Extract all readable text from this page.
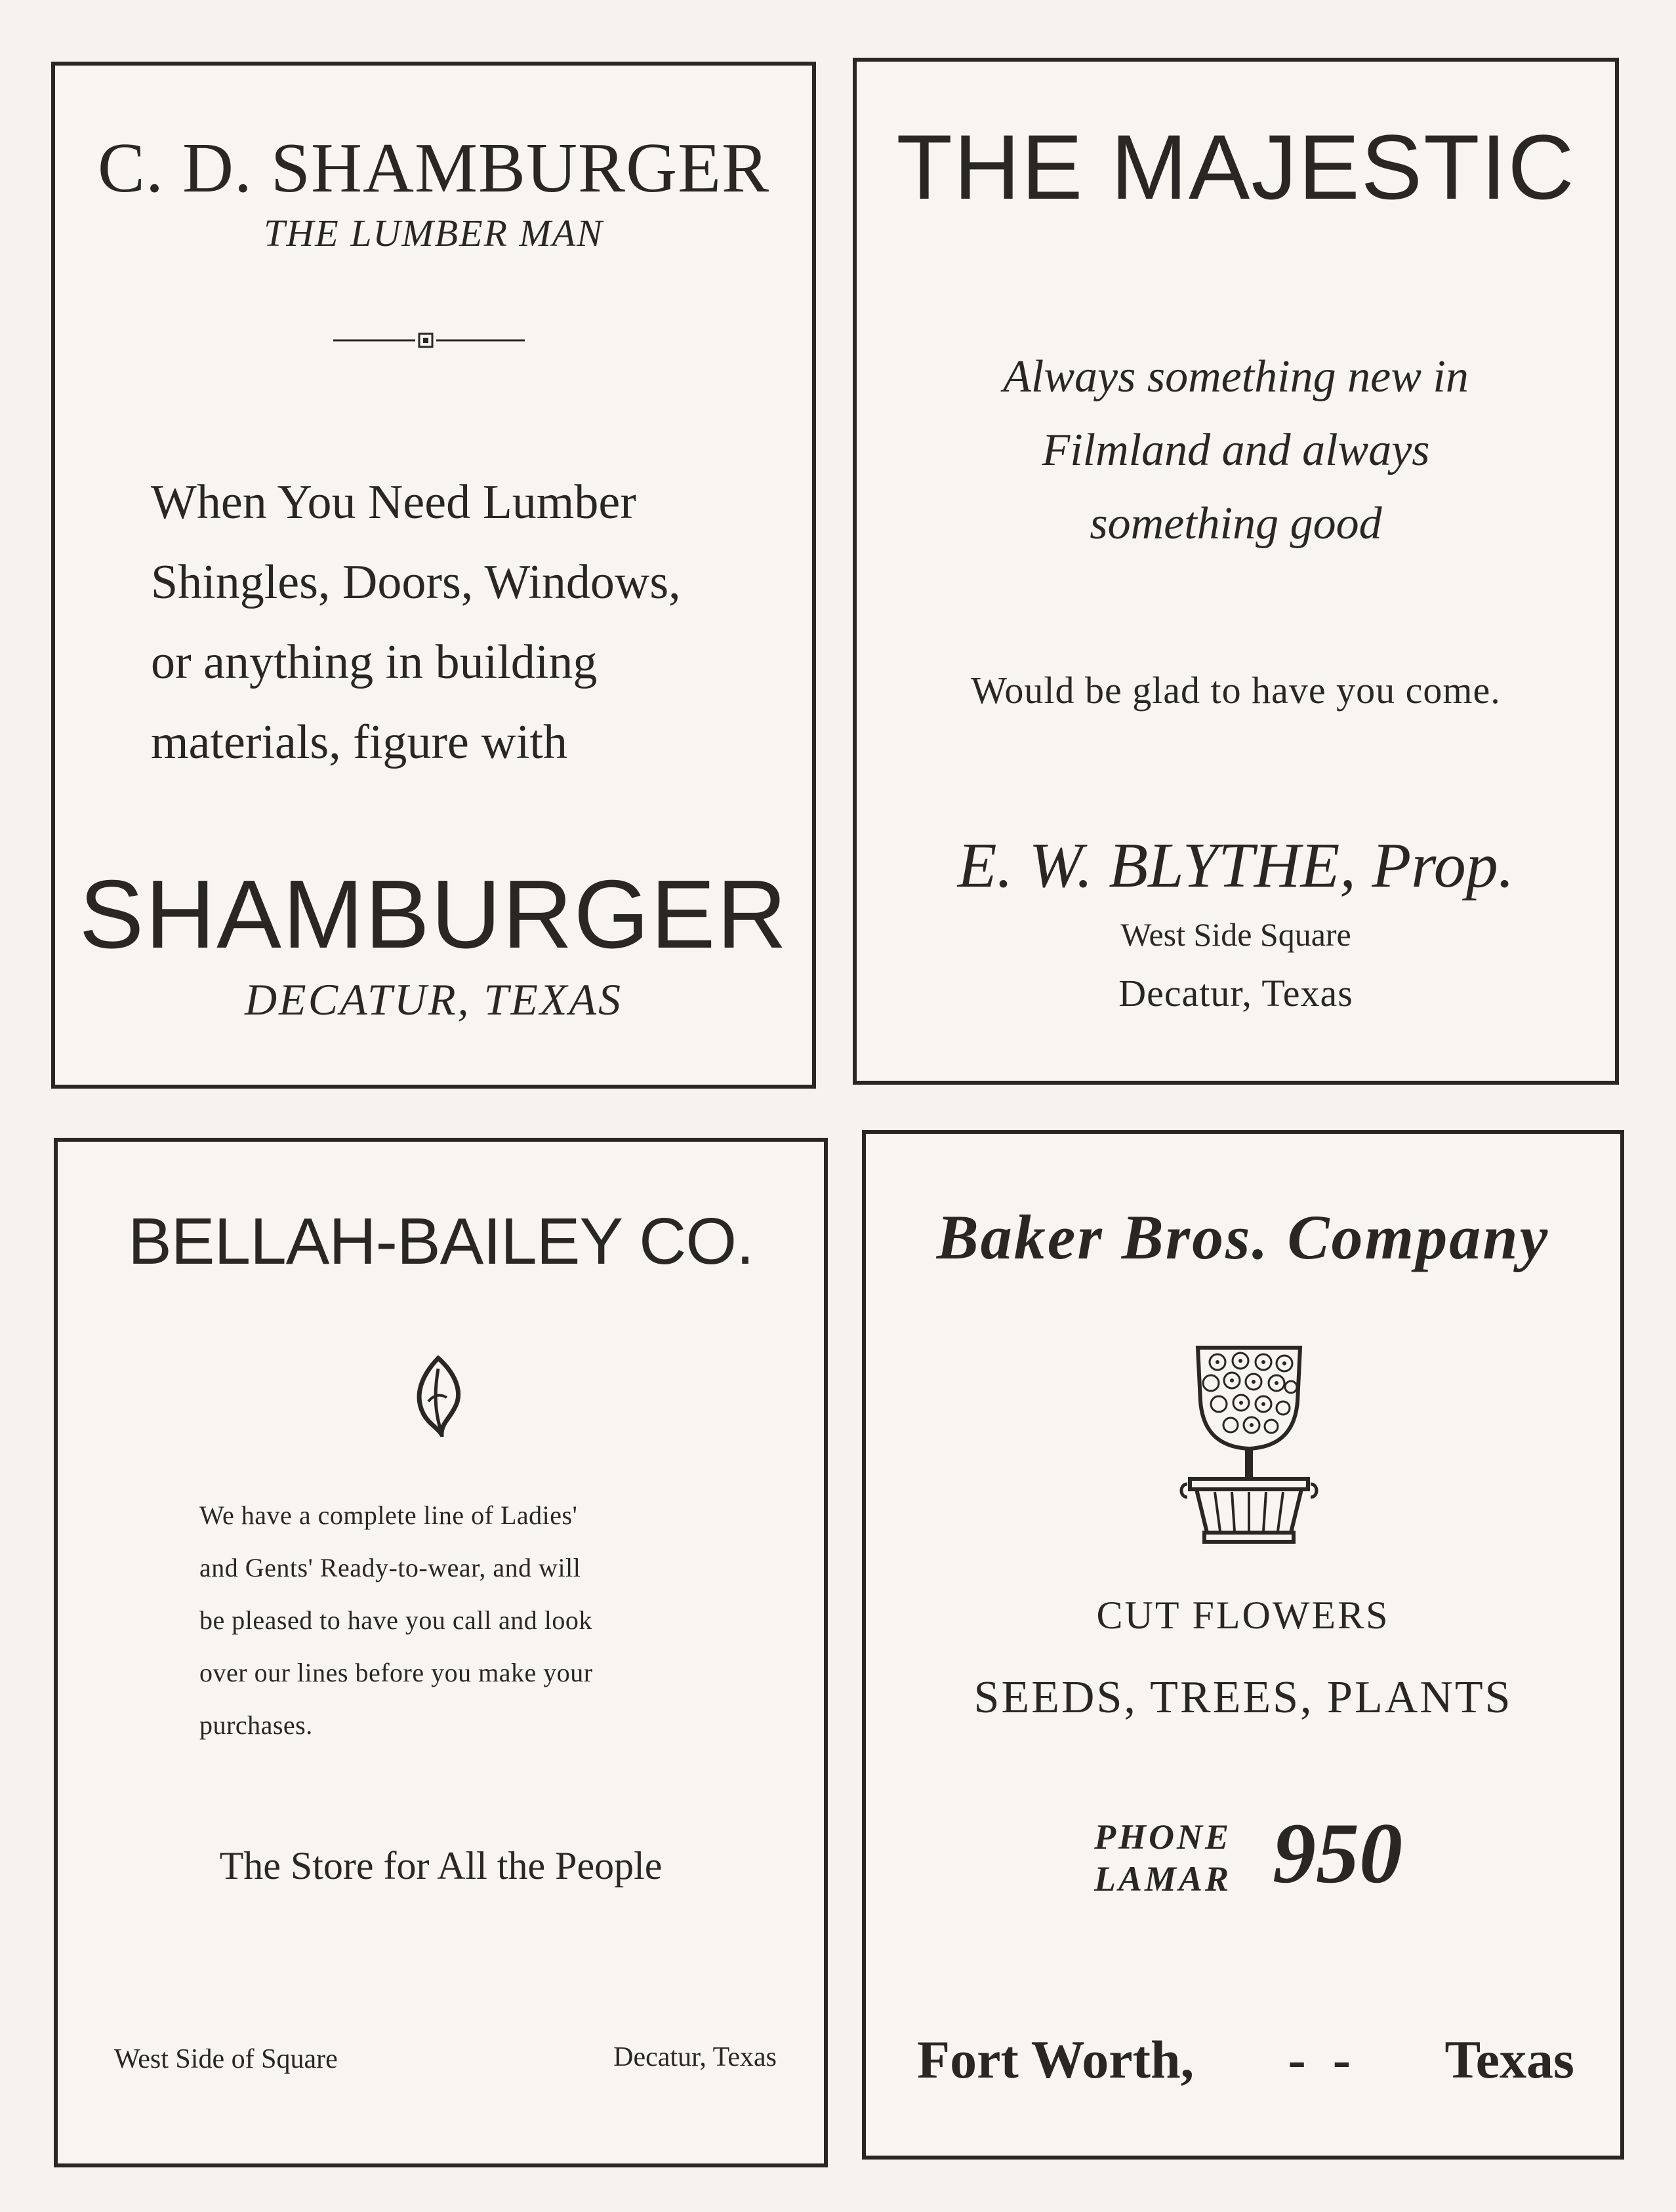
C. D. SHAMBURGER
THE LUMBER MAN

When You Need Lumber

Shingles, Doors, Windows,

or anything in building

materials, figure with

SHAMBURGER
DECATUR, TEXAS
THE MAJESTIC
Always something new in
Filmland and always
something good
Would be glad to have you come.
E. W. BLYTHE, Prop.
West Side Square
Decatur, Texas
BELLAH-BAILEY CO.

We have a complete line of Ladies'

and Gents' Ready-to-wear, and will

be pleased to have you call and look

over our lines before you make your

purchases.

The Store for All the People
West Side of Square	Decatur, Texas
Baker Bros. Company
CUT FLOWERS
SEEDS, TREES, PLANTS
PHONE
LAMAR 950
Fort Worth, -  - Texas
